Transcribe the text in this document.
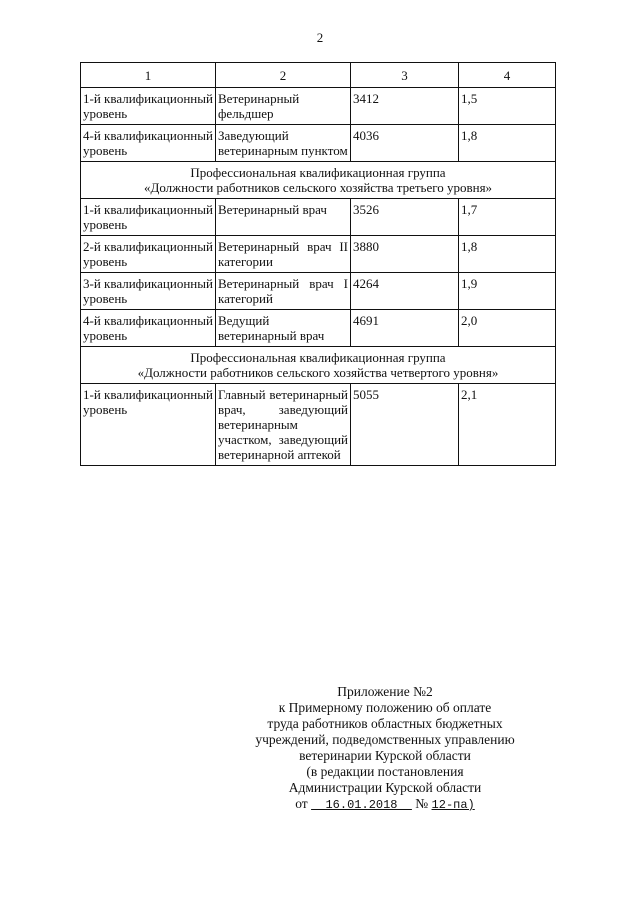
2
1	2	3	4
1-й квалификационный уровень	Ветеринарный фельдшер	3412	1,5
4-й квалификационный уровень	Заведующий ветеринарным пунктом	4036	1,8

Профессиональная квалификационная группа
«Должности работников сельского хозяйства третьего уровня»			

1-й квалификационный уровень	Ветеринарный врач	3526	1,7
2-й квалификационный уровень	Ветеринарный врач II категории	3880	1,8
3-й квалификационный уровень	Ветеринарный врач I категорий	4264	1,9
4-й квалификационный уровень	Ведущий ветеринарный врач	4691	2,0

Профессиональная квалификационная группа
«Должности работников сельского хозяйства четвертого уровня»			

1-й квалификационный уровень	Главный ветеринарный врач, заведующий ветеринарным участком, заведующий ветеринарной аптекой	5055	2,1
Приложение №2
к Примерному положению об оплате
труда работников областных бюджетных
учреждений, подведомственных управлению
ветеринарии Курской области
(в редакции постановления
Администрации Курской области
от 16.01.2018 № 12-па)
